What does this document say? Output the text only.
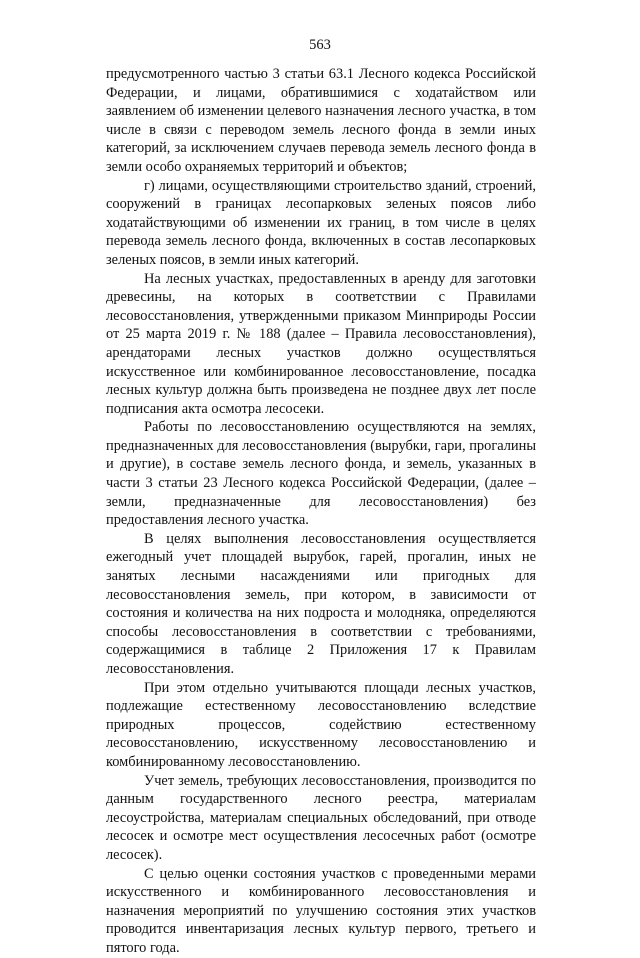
563

предусмотренного частью 3 статьи 63.1 Лесного кодекса Российской Федерации, и лицами, обратившимися с ходатайством или заявлением об изменении целевого назначения лесного участка, в том числе в связи с переводом земель лесного фонда в земли иных категорий, за исключением случаев перевода земель лесного фонда в земли особо охраняемых территорий и объектов;

г) лицами, осуществляющими строительство зданий, строений, сооружений в границах лесопарковых зеленых поясов либо ходатайствующими об изменении их границ, в том числе в целях перевода земель лесного фонда, включенных в состав лесопарковых зеленых поясов, в земли иных категорий.

На лесных участках, предоставленных в аренду для заготовки древесины, на которых в соответствии с Правилами лесовосстановления, утвержденными приказом Минприроды России от 25 марта 2019 г. № 188 (далее – Правила лесовосстановления), арендаторами лесных участков должно осуществляться искусственное или комбинированное лесовосстановление, посадка лесных культур должна быть произведена не позднее двух лет после подписания акта осмотра лесосеки.

Работы по лесовосстановлению осуществляются на землях, предназначенных для лесовосстановления (вырубки, гари, прогалины и другие), в составе земель лесного фонда, и земель, указанных в части 3 статьи 23 Лесного кодекса Российской Федерации, (далее – земли, предназначенные для лесовосстановления) без предоставления лесного участка.

В целях выполнения лесовосстановления осуществляется ежегодный учет площадей вырубок, гарей, прогалин, иных не занятых лесными насаждениями или пригодных для лесовосстановления земель, при котором, в зависимости от состояния и количества на них подроста и молодняка, определяются способы лесовосстановления в соответствии с требованиями, содержащимися в таблице 2 Приложения 17 к Правилам лесовосстановления.

При этом отдельно учитываются площади лесных участков, подлежащие естественному лесовосстановлению вследствие природных процессов, содействию естественному лесовосстановлению, искусственному лесовосстановлению и комбинированному лесовосстановлению.

Учет земель, требующих лесовосстановления, производится по данным государственного лесного реестра, материалам лесоустройства, материалам специальных обследований, при отводе лесосек и осмотре мест осуществления лесосечных работ (осмотре лесосек).

С целью оценки состояния участков с проведенными мерами искусственного и комбинированного лесовосстановления и назначения мероприятий по улучшению состояния этих участков проводится инвентаризация лесных культур первого, третьего и пятого года.
